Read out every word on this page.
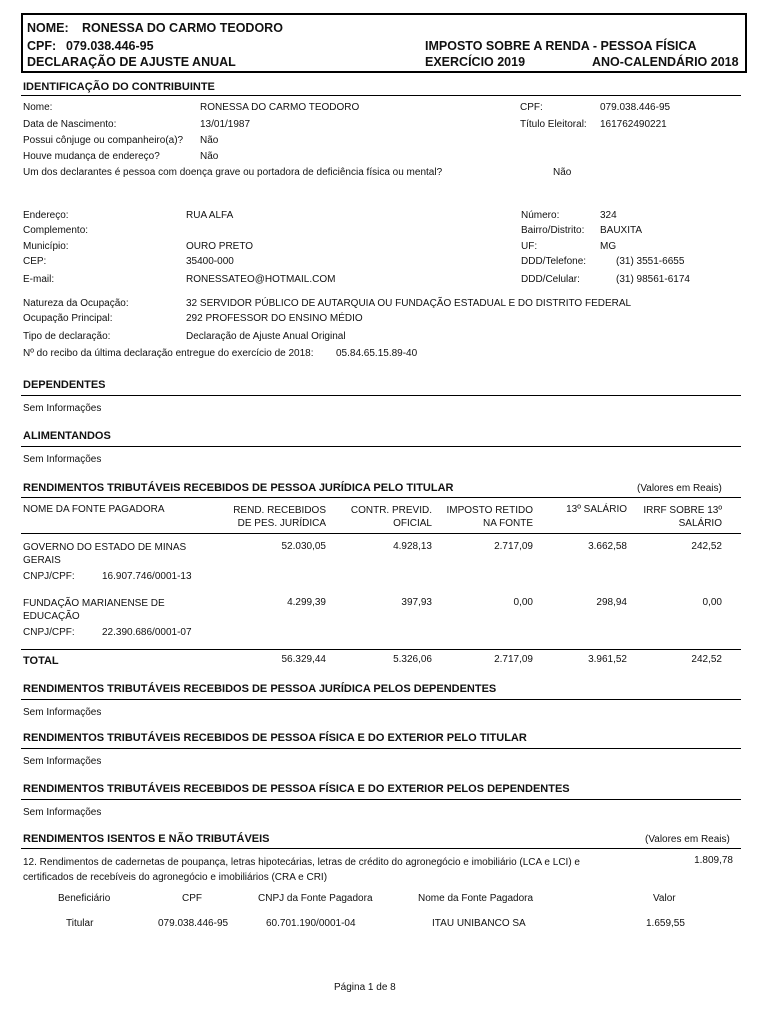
NOME: RONESSA DO CARMO TEODORO
CPF: 079.038.446-95
DECLARAÇÃO DE AJUSTE ANUAL
IMPOSTO SOBRE A RENDA - PESSOA FÍSICA
EXERCÍCIO 2019	ANO-CALENDÁRIO 2018
IDENTIFICAÇÃO DO CONTRIBUINTE
Nome:	RONESSA DO CARMO TEODORO	CPF:	079.038.446-95
Data de Nascimento:	13/01/1987	Título Eleitoral: 161762490221
Possui cônjuge ou companheiro(a)? Não
Houve mudança de endereço?	Não
Um dos declarantes é pessoa com doença grave ou portadora de deficiência física ou mental?	Não
Endereço:	RUA ALFA	Número:	324
Complemento:	Bairro/Distrito: BAUXITA
Município:	OURO PRETO	UF:	MG
CEP:	35400-000	DDD/Telefone:	(31) 3551-6655
E-mail:	RONESSATEO@HOTMAIL.COM	DDD/Celular:	(31) 98561-6174
Natureza da Ocupação:	32 SERVIDOR PÚBLICO DE AUTARQUIA OU FUNDAÇÃO ESTADUAL E DO DISTRITO FEDERAL
Ocupação Principal:	292 PROFESSOR DO ENSINO MÉDIO
Tipo de declaração:	Declaração de Ajuste Anual Original
Nº do recibo da última declaração entregue do exercício de 2018: 05.84.65.15.89-40
DEPENDENTES
Sem Informações
ALIMENTANDOS
Sem Informações
RENDIMENTOS TRIBUTÁVEIS RECEBIDOS DE PESSOA JURÍDICA PELO TITULAR	(Valores em Reais)
NOME DA FONTE PAGADORA	REND. RECEBIDOS
DE PES. JURÍDICA
CONTR. PREVID.
OFICIAL
IMPOSTO RETIDO
NA FONTE
13º SALÁRIO	IRRF SOBRE 13º
SALÁRIO
GOVERNO DO ESTADO DE MINAS GERAIS
52.030,05	4.928,13	2.717,09	3.662,58	242,52
CNPJ/CPF:	16.907.746/0001-13
FUNDAÇÃO MARIANENSE DE EDUCAÇÃO
4.299,39	397,93	0,00	298,94	0,00
CNPJ/CPF:	22.390.686/0001-07
TOTAL	56.329,44	5.326,06	2.717,09	3.961,52	242,52
RENDIMENTOS TRIBUTÁVEIS RECEBIDOS DE PESSOA JURÍDICA PELOS DEPENDENTES
Sem Informações
RENDIMENTOS TRIBUTÁVEIS RECEBIDOS DE PESSOA FÍSICA E DO EXTERIOR PELO TITULAR
Sem Informações
RENDIMENTOS TRIBUTÁVEIS RECEBIDOS DE PESSOA FÍSICA E DO EXTERIOR PELOS DEPENDENTES
Sem Informações
RENDIMENTOS ISENTOS E NÃO TRIBUTÁVEIS	(Valores em Reais)
12. Rendimentos de cadernetas de poupança, letras hipotecárias, letras de crédito do agronegócio e imobiliário (LCA e LCI) e certificados de recebíveis do agronegócio e imobiliários (CRA e CRI)
1.809,78
Beneficiário	CPF	CNPJ da Fonte Pagadora	Nome da Fonte Pagadora	Valor
Titular	079.038.446-95	60.701.190/0001-04	ITAU UNIBANCO SA	1.659,55
Página 1 de 8
